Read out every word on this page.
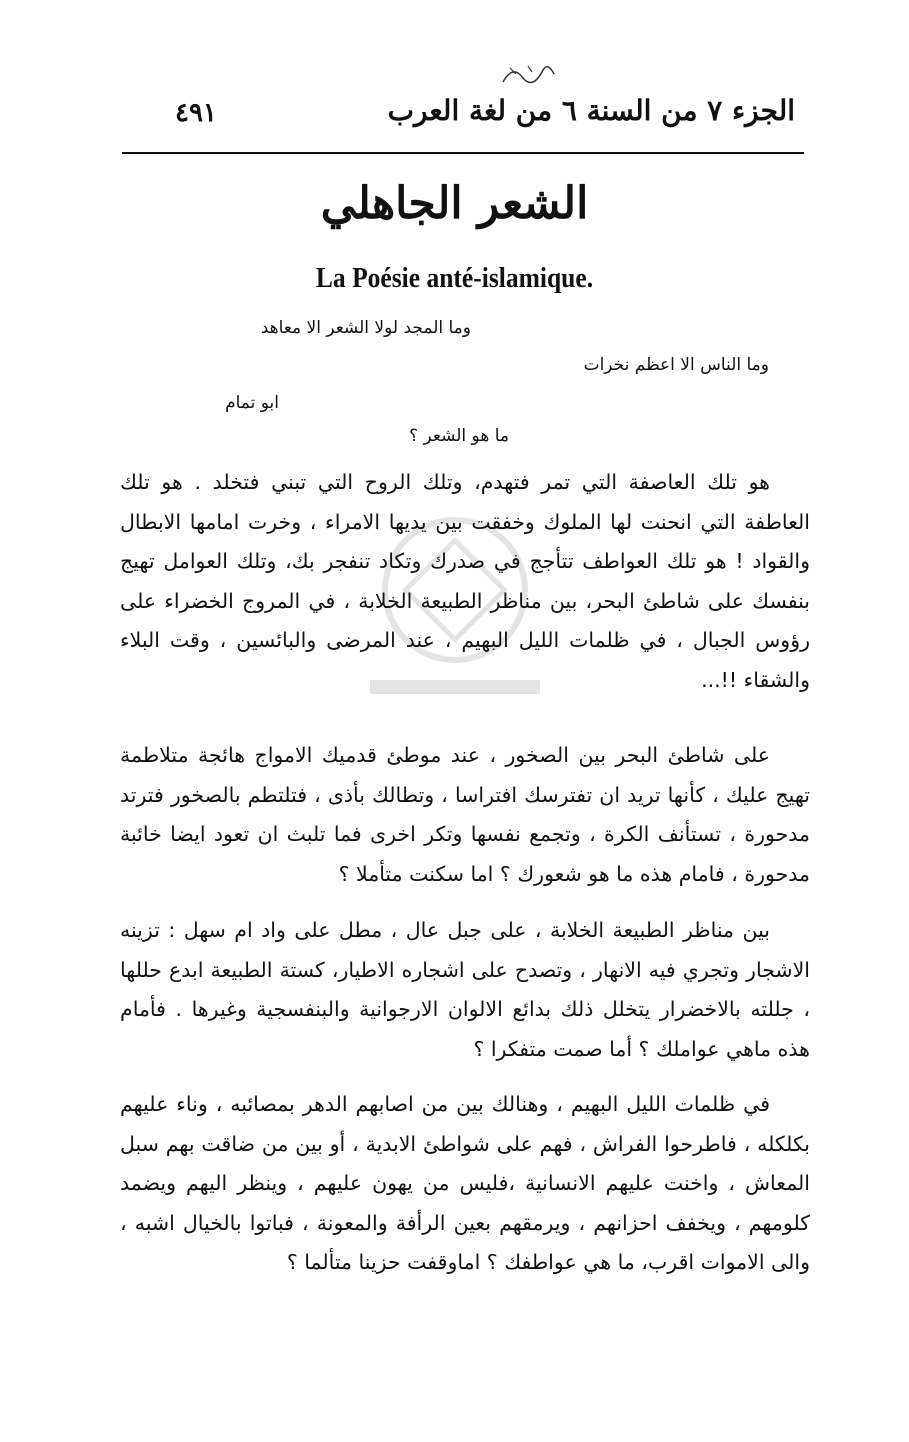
٤٩١	الجزء ٧ من السنة ٦ من لغة العرب
الشعر الجاهلي
La Poésie anté-islamique.
وما المجد لولا الشعر الا معاهد
وما الناس الا اعظم نخرات
ابو تمام
ما هو الشعر ؟

هو تلك العاصفة التي تمر فتهدم، وتلك الروح التي تبني فتخلد . هو تلك العاطفة التي انحنت لها الملوك وخفقت بين يديها الامراء ، وخرت امامها الابطال والقواد ! هو تلك العواطف تتأجج في صدرك وتكاد تنفجر بك، وتلك العوامل تهيج بنفسك على شاطئ البحر، بين مناظر الطبيعة الخلابة ، في المروج الخضراء على رؤوس الجبال ، في ظلمات الليل البهيم ، عند المرضى والبائسين ، وقت البلاء والشقاء !!...

على شاطئ البحر بين الصخور ، عند موطئ قدميك الامواج هائجة متلاطمة تهيج عليك ، كأنها تريد ان تفترسك افتراسا ، وتطالك بأذى ، فتلتطم بالصخور فترتد مدحورة ، تستأنف الكرة ، وتجمع نفسها وتكر اخرى فما تلبث ان تعود ايضا خائبة مدحورة ، فامام هذه ما هو شعورك ؟ اما سكنت متأملا ؟

بين مناظر الطبيعة الخلابة ، على جبل عال ، مطل على واد ام سهل : تزينه الاشجار وتجري فيه الانهار ، وتصدح على اشجاره الاطيار، كستة الطبيعة ابدع حللها ، جللته بالاخضرار يتخلل ذلك بدائع الالوان الارجوانية والبنفسجية وغيرها . فأمام هذه ماهي عواملك ؟ أما صمت متفكرا ؟

في ظلمات الليل البهيم ، وهنالك بين من اصابهم الدهر بمصائبه ، وناء عليهم بكلكله ، فاطرحوا الفراش ، فهم على شواطئ الابدية ، أو بين من ضاقت بهم سبل المعاش ، واخنت عليهم الانسانية ،فليس من يهون عليهم ، وينظر اليهم ويضمد كلومهم ، ويخفف احزانهم ، ويرمقهم بعين الرأفة والمعونة ، فباتوا بالخيال اشبه ، والى الاموات اقرب، ما هي عواطفك ؟ اماوقفت حزينا متألما ؟
